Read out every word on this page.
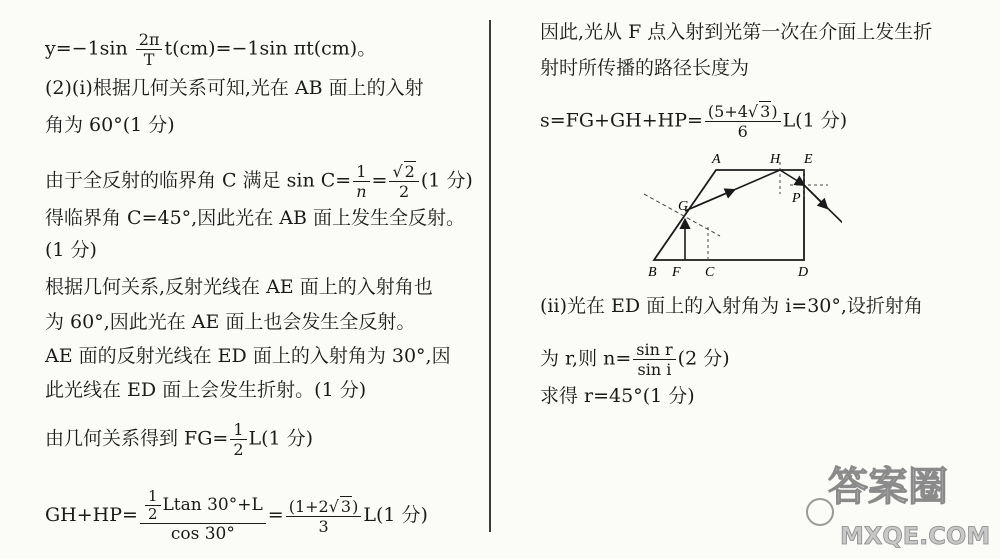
$y=-1\sin \frac{2\pi}{T} t(cm)=-1\sin$ πt(cm)。
(2)(ⅰ)根据几何关系可知,光在 AB 面上的入射
角为 60°(1 分)
由于全反射的临界角 C 满足 $\sin C= \frac{1}{n} = \frac{√ 2}{2} (1$ 分)
得临界角 C=45°,因此光在 AB 面上发生全反射。
(1 分)
根据几何关系,反射光线在 AE 面上的入射角也
为 60°,因此光在 AE 面上也会发生全反射。
AE 面的反射光线在 ED 面上的入射角为 30°,因
此光线在 ED 面上会发生折射。(1 分)
由几何关系得到 $FG= \frac{1}{2} L(1$ 分)
$GH+HP= \frac{\frac{1}{2} Ltan 30^\circ+L}{\cos 30^\circ} = \frac{(1+2√ 3)}{3} L(1$ 分)
因此,光从 F 点入射到光第一次在介面上发生折
射时所传播的路径长度为
$s=FG+GH+HP= \frac{(5+4√ 3)}{6} L(1$ 分)
A	H E
G
P
B F C	D
(ⅱ)光在 ED 面上的入射角为 i=30°,设折射角
为 r,则 $n= \frac{\text{sin r}}{\text{sin i}} (2$ 分)
求得 r=45°(1 分)
答案圈
MXQE.COM
